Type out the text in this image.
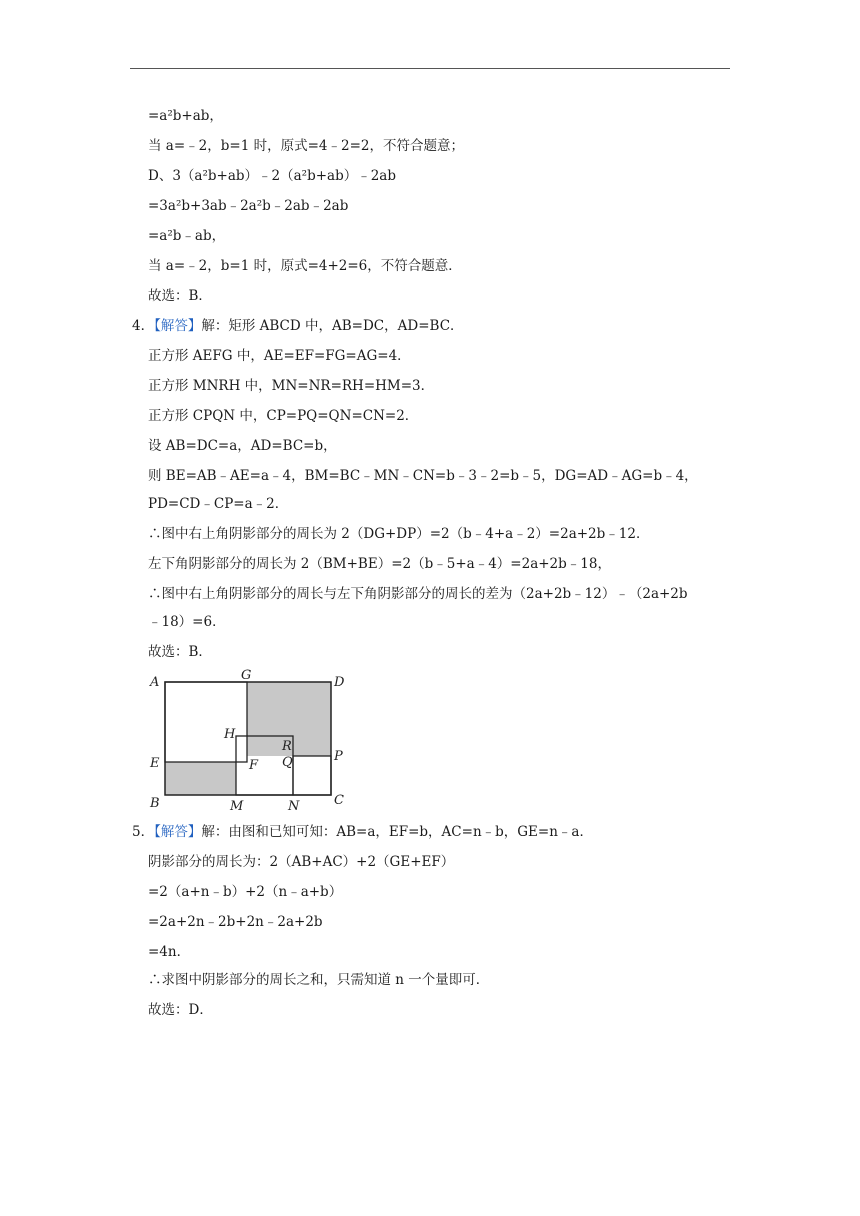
=a²b+ab，
当 a=﹣2，b=1 时，原式=4﹣2=2，不符合题意；
D、3（a²b+ab）﹣2（a²b+ab）﹣2ab
=3a²b+3ab﹣2a²b﹣2ab﹣2ab
=a²b﹣ab，
当 a=﹣2，b=1 时，原式=4+2=6，不符合题意．
故选：B．
4．【解答】解：矩形 ABCD 中，AB=DC，AD=BC．
正方形 AEFG 中，AE=EF=FG=AG=4．
正方形 MNRH 中，MN=NR=RH=HM=3．
正方形 CPQN 中，CP=PQ=QN=CN=2．
设 AB=DC=a，AD=BC=b，
则 BE=AB﹣AE=a﹣4，BM=BC﹣MN﹣CN=b﹣3﹣2=b﹣5，DG=AD﹣AG=b﹣4，
PD=CD﹣CP=a﹣2．
∴图中右上角阴影部分的周长为 2（DG+DP）=2（b﹣4+a﹣2）=2a+2b﹣12．
左下角阴影部分的周长为 2（BM+BE）=2（b﹣5+a﹣4）=2a+2b﹣18，
∴图中右上角阴影部分的周长与左下角阴影部分的周长的差为（2a+2b﹣12）﹣（2a+2b
﹣18）=6．
故选：B．
A	G	D
H
R
P
E	F Q
B	M	N	C
5．【解答】解：由图和已知可知：AB=a，EF=b，AC=n﹣b，GE=n﹣a．
阴影部分的周长为：2（AB+AC）+2（GE+EF）
=2（a+n﹣b）+2（n﹣a+b）
=2a+2n﹣2b+2n﹣2a+2b
=4n．
∴求图中阴影部分的周长之和，只需知道 n 一个量即可．
故选：D．
